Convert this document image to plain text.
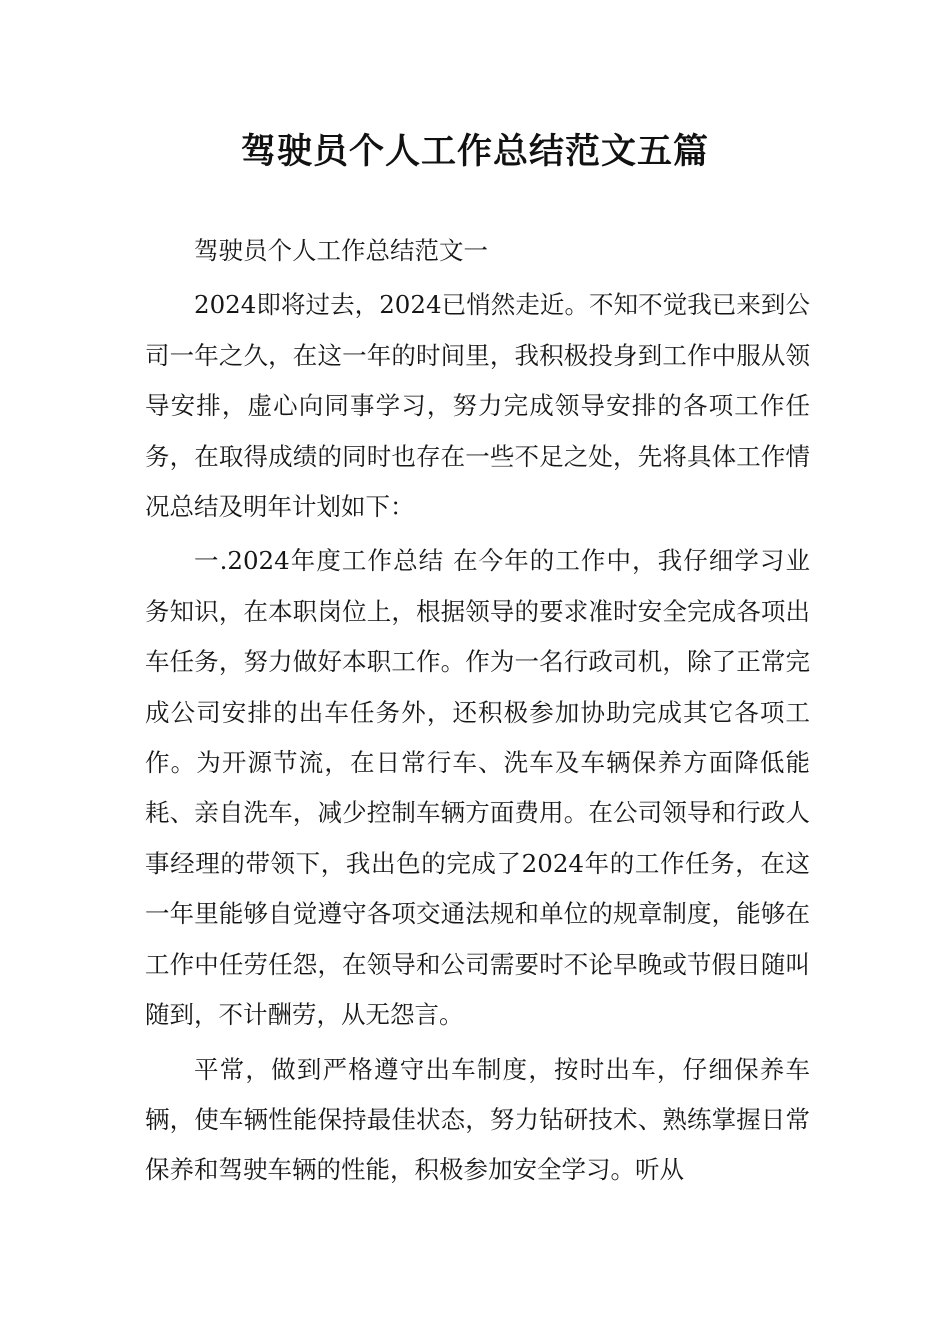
驾驶员个人工作总结范文五篇

驾驶员个人工作总结范文一

2024即将过去，2024已悄然走近。不知不觉我已来到公司一年之久，在这一年的时间里，我积极投身到工作中服从领导安排，虚心向同事学习，努力完成领导安排的各项工作任务，在取得成绩的同时也存在一些不足之处，先将具体工作情况总结及明年计划如下：

一.2024年度工作总结 在今年的工作中，我仔细学习业务知识，在本职岗位上，根据领导的要求准时安全完成各项出车任务，努力做好本职工作。作为一名行政司机，除了正常完成公司安排的出车任务外，还积极参加协助完成其它各项工作。为开源节流，在日常行车、洗车及车辆保养方面降低能耗、亲自洗车，减少控制车辆方面费用。在公司领导和行政人事经理的带领下，我出色的完成了2024年的工作任务，在这一年里能够自觉遵守各项交通法规和单位的规章制度，能够在工作中任劳任怨，在领导和公司需要时不论早晚或节假日随叫随到，不计酬劳，从无怨言。

平常，做到严格遵守出车制度，按时出车，仔细保养车辆，使车辆性能保持最佳状态，努力钻研技术、熟练掌握日常保养和驾驶车辆的性能，积极参加安全学习。听从
